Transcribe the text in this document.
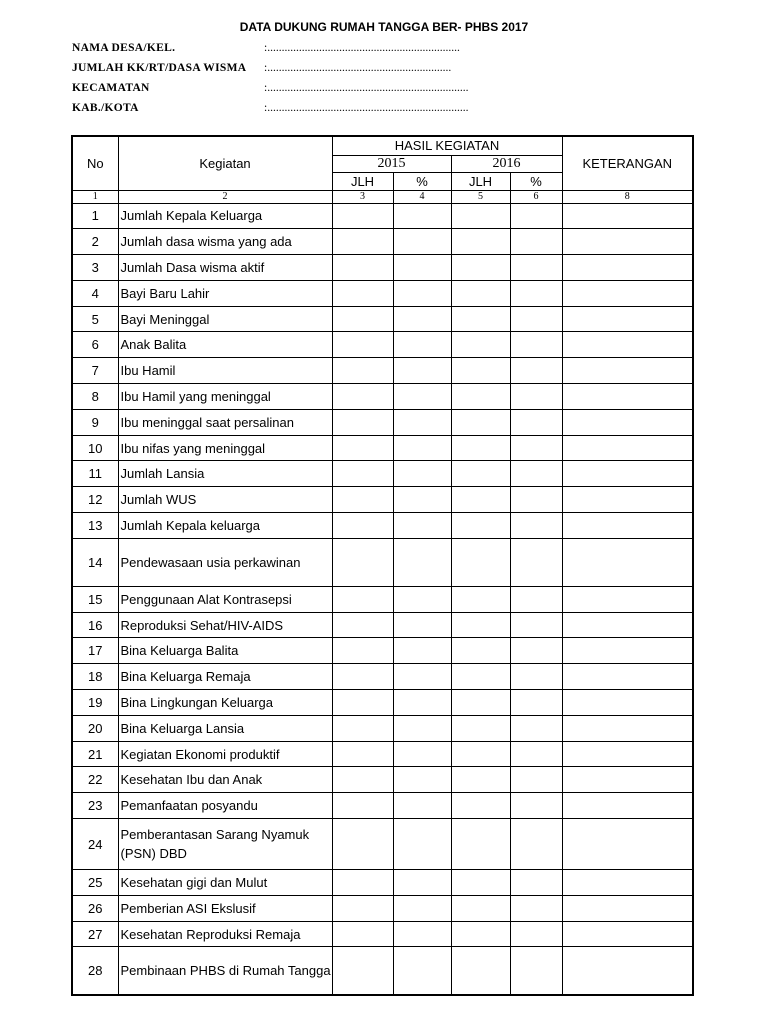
DATA DUKUNG RUMAH TANGGA BER- PHBS 2017
NAMA DESA/KEL.	:...................................................................
JUMLAH KK/RT/DASA WISMA :................................................................
KECAMATAN	:......................................................................
KAB./KOTA	:......................................................................
No	Kegiatan	HASIL KEGIATAN				KETERANGAN
		2015		2016		
		JLH	%	JLH	%	
1	2	3	4	5	6	8
1	Jumlah Kepala Keluarga					
2	Jumlah dasa wisma yang ada					
3	Jumlah Dasa wisma aktif					
4	Bayi Baru Lahir					
5	Bayi Meninggal					
6	Anak Balita					
7	Ibu Hamil					
8	Ibu Hamil yang meninggal					
9	Ibu meninggal saat persalinan					
10	Ibu nifas yang meninggal					
11	Jumlah Lansia					
12	Jumlah WUS					
13	Jumlah Kepala keluarga					
14	Pendewasaan usia perkawinan					
15	Penggunaan Alat Kontrasepsi					
16	Reproduksi Sehat/HIV-AIDS					
17	Bina Keluarga Balita					
18	Bina Keluarga Remaja					
19	Bina Lingkungan Keluarga					
20	Bina Keluarga Lansia					
21	Kegiatan Ekonomi produktif					
22	Kesehatan Ibu dan Anak					
23	Pemanfaatan posyandu					
24	Pemberantasan Sarang Nyamuk (PSN) DBD					
25	Kesehatan gigi dan Mulut					
26	Pemberian ASI Ekslusif					
27	Kesehatan Reproduksi Remaja					
28	Pembinaan PHBS di Rumah Tangga					
